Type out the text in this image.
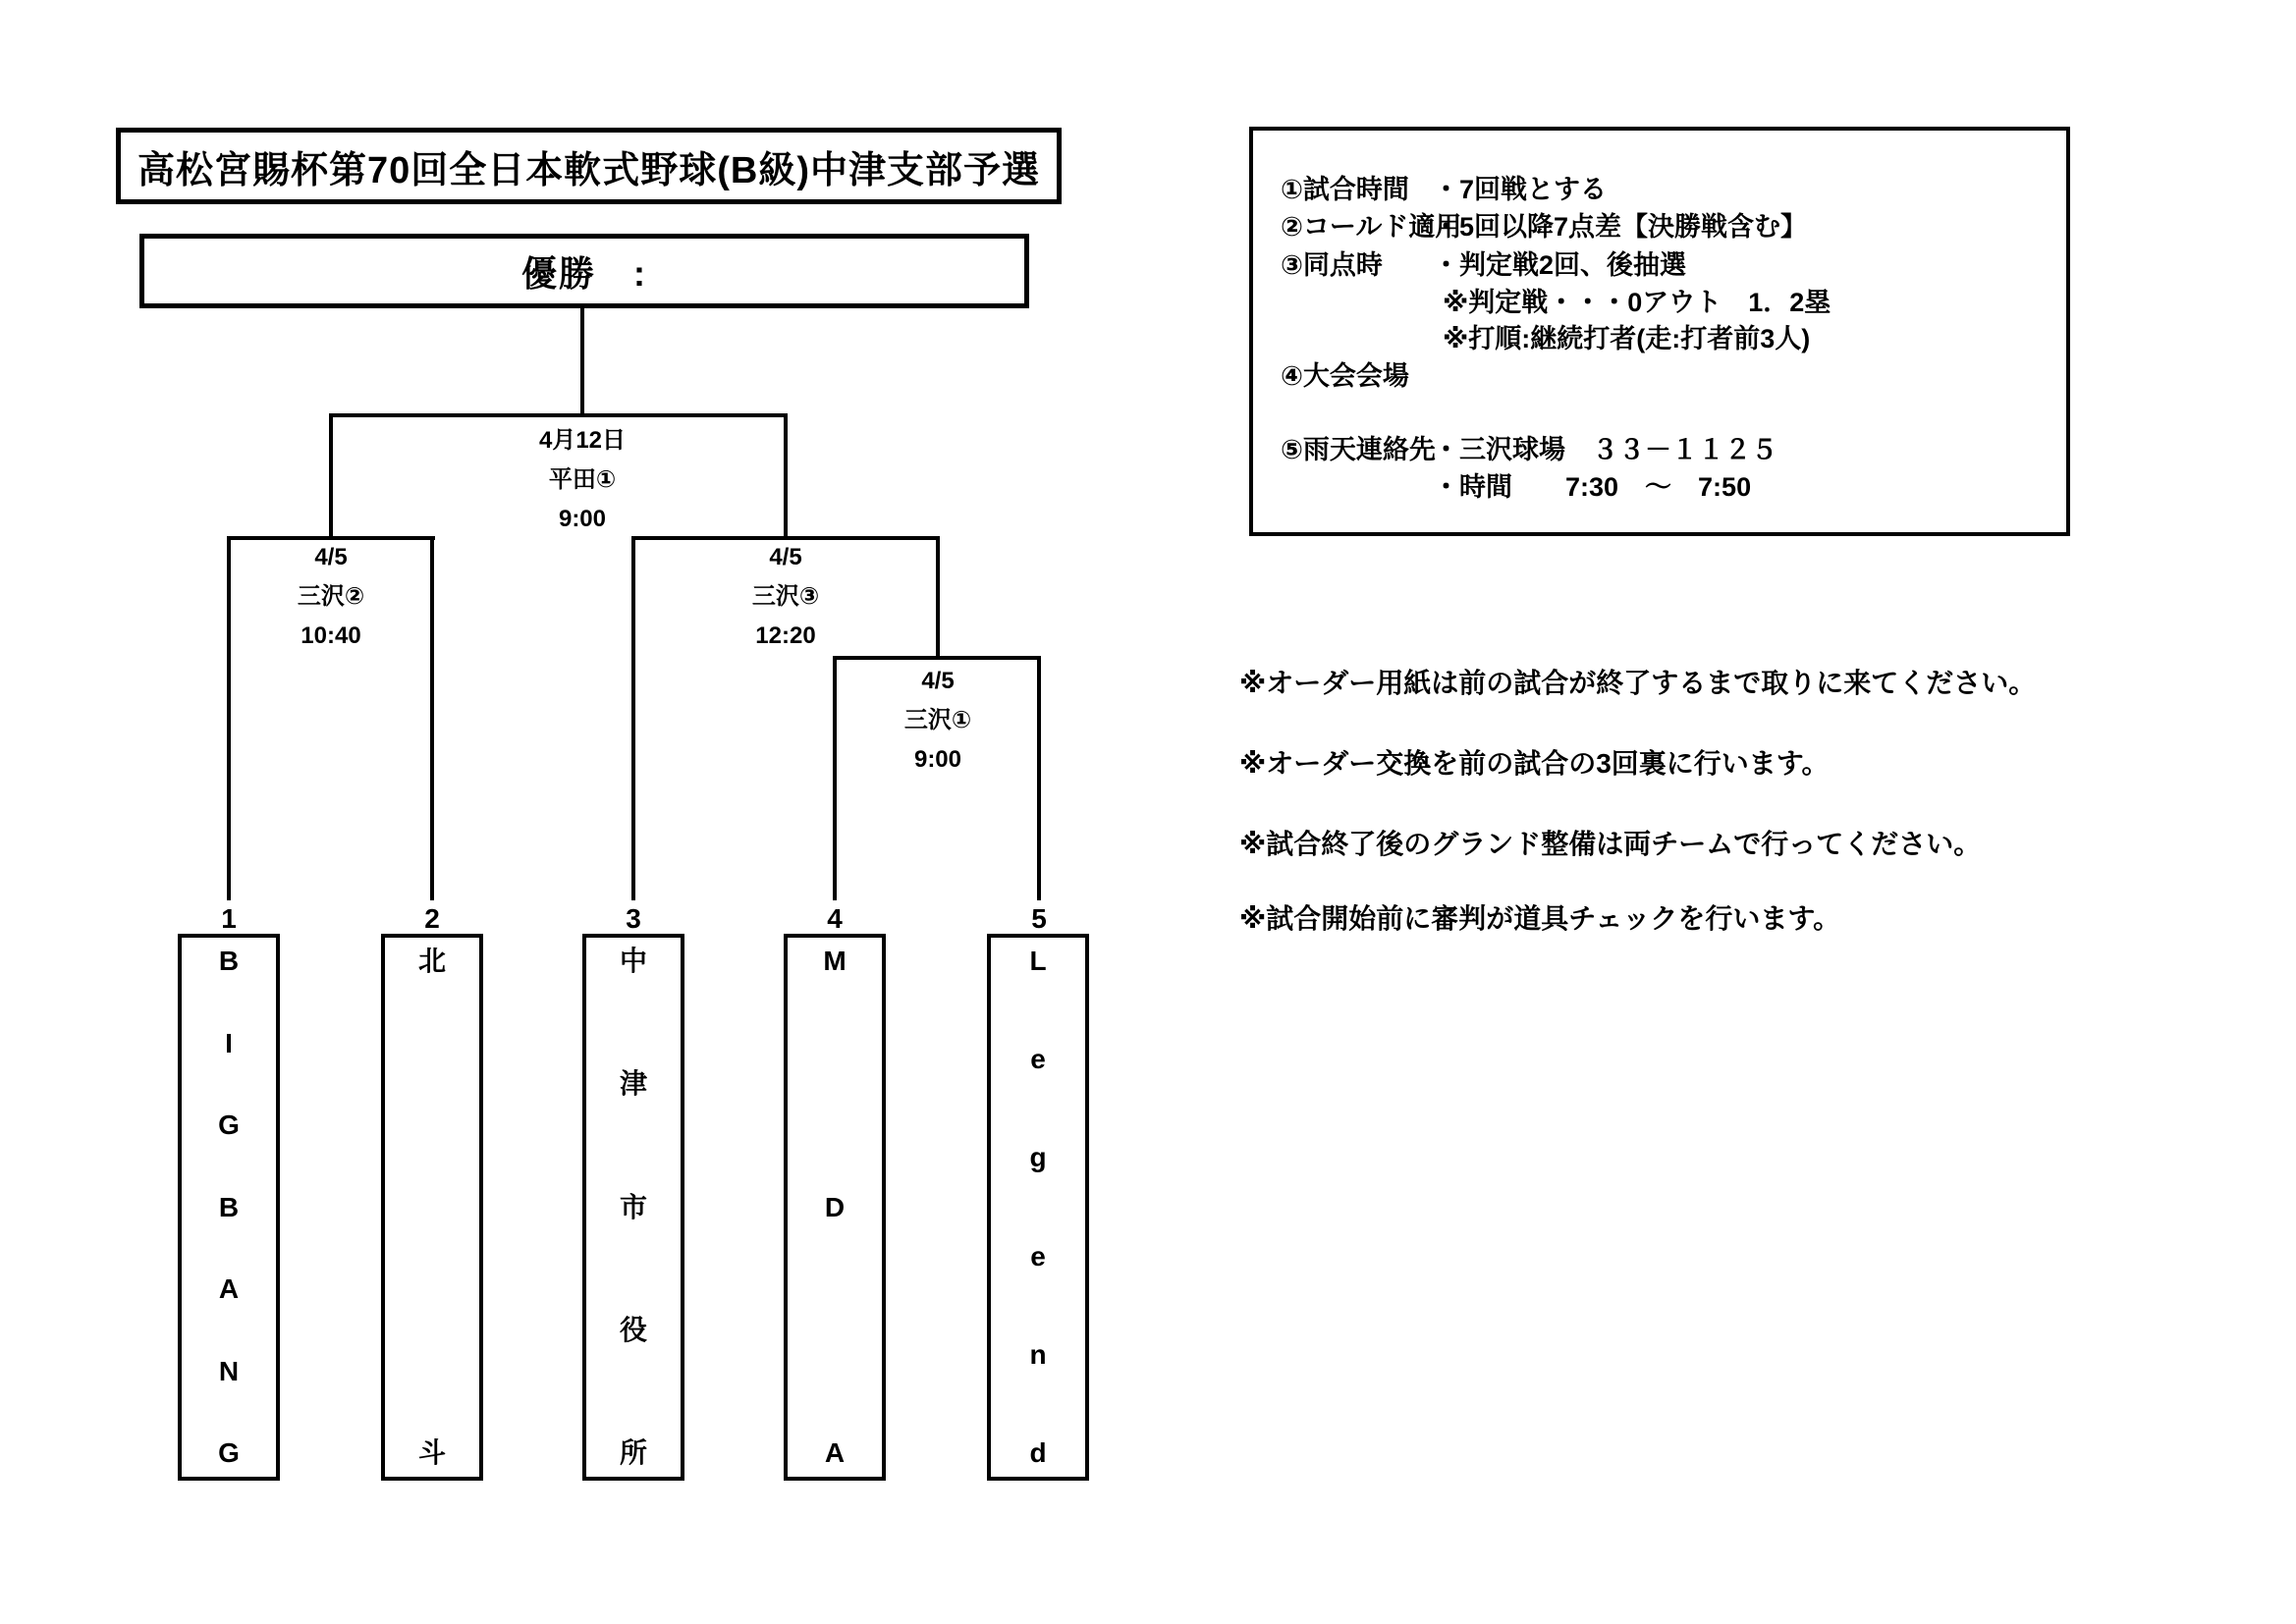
高松宮賜杯第70回全日本軟式野球(B級)中津支部予選
優勝　:
4月12日
平田①
9:00
4/5
三沢②
10:40
4/5
三沢③
12:20
4/5
三沢①
9:00
1	2	3	4	5
B
I
G
B
A
N
G
北
斗
中
津
市
役
所
M
D
A
L
e
g
e
n
d
①試合時間 ・7回戦とする
②コールド適用
・5回以降7点差【決勝戦含む】
③同点時 ・判定戦2回、後抽選
※判定戦・・・0アウト　1．2塁
※打順:継続打者(走:打者前3人)
④大会会場
⑤雨天連絡先
・三沢球場　３３－１１２５
・時間　　7:30　～　7:50
※オーダー用紙は前の試合が終了するまで取りに来てください。
※オーダー交換を前の試合の3回裏に行います。
※試合終了後のグランド整備は両チームで行ってください。
※試合開始前に審判が道具チェックを行います。
